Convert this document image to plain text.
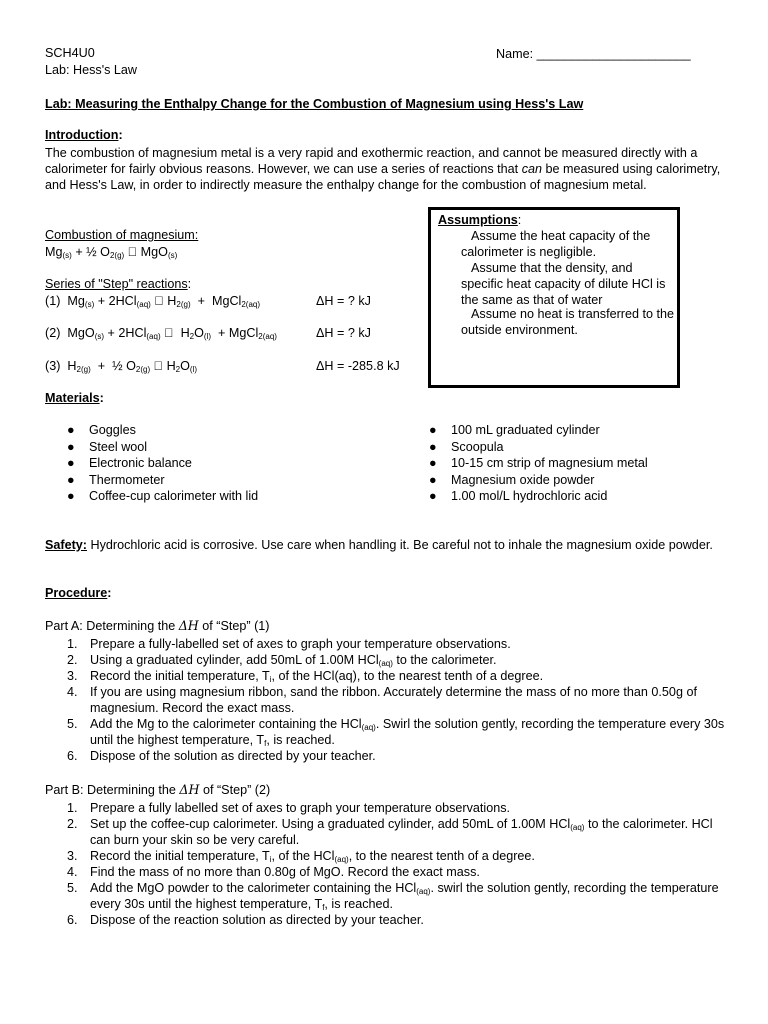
SCH4U0
Lab: Hess's Law
Name: ______________________
Lab: Measuring the Enthalpy Change for the Combustion of Magnesium using Hess's Law
Introduction:
The combustion of magnesium metal is a very rapid and exothermic reaction, and cannot be measured directly with a calorimeter for fairly obvious reasons. However, we can use a series of reactions that can be measured using calorimetry, and Hess's Law, in order to indirectly measure the enthalpy change for the combustion of magnesium metal.
Combustion of magnesium:
$Mg_{(s)}$ + ½ $O_{2(g)}$ MgO$_{(s)}$
Series of "Step" reactions:
(1)  $Mg_{(s)} + 2HCl_{(aq)}$ $H_{2(g)}$  +  MgCl$_{2(aq)}$	ΔH = ? kJ
(2)  MgO$_{(s)}$ + 2HCl$_{(aq)}$  $H_2O_{(l)}$  + MgCl$_{2(aq)}$	ΔH = ? kJ
(3)  $H_{2(g)}$  +  ½ $O_{2(g)}$ $H_2O_{(l)}$	ΔH = -285.8 kJ
Assumptions:
Assume the heat capacity of the calorimeter is negligible.
Assume that the density, and specific heat capacity of dilute HCl is the same as that of water
Assume no heat is transferred to the outside environment.
Materials:
● Goggles
● Steel wool
● Electronic balance
● Thermometer
● Coffee-cup calorimeter with lid
● 100 mL graduated cylinder
● Scoopula
● 10-15 cm strip of magnesium metal
● Magnesium oxide powder
● 1.00 mol/L hydrochloric acid
Safety: Hydrochloric acid is corrosive. Use care when handling it. Be careful not to inhale the magnesium oxide powder.
Procedure:
Part A: Determining the ΔH of “Step” (1)
1. Prepare a fully-labelled set of axes to graph your temperature observations.
2. Using a graduated cylinder, add 50mL of 1.00M HCl$_{(aq)}$ to the calorimeter.
3. Record the initial temperature, $T_i$, of the HCl(aq), to the nearest tenth of a degree.
4. If you are using magnesium ribbon, sand the ribbon. Accurately determine the mass of no more than 0.50g of magnesium. Record the exact mass.
5. Add the Mg to the calorimeter containing the HCl$_{(aq)}$. Swirl the solution gently, recording the temperature every 30s until the highest temperature, $T_f$, is reached.
6. Dispose of the solution as directed by your teacher.
Part B: Determining the ΔH of “Step” (2)
1. Prepare a fully labelled set of axes to graph your temperature observations.
2. Set up the coffee-cup calorimeter. Using a graduated cylinder, add 50mL of 1.00M HCl$_{(aq)}$ to the calorimeter. HCl can burn your skin so be very careful.
3. Record the initial temperature, $T_i$, of the HCl$_{(aq)}$, to the nearest tenth of a degree.
4. Find the mass of no more than 0.80g of MgO. Record the exact mass.
5. Add the MgO powder to the calorimeter containing the HCl$_{(aq)}$. swirl the solution gently, recording the temperature every 30s until the highest temperature, $T_f$, is reached.
6. Dispose of the reaction solution as directed by your teacher.
